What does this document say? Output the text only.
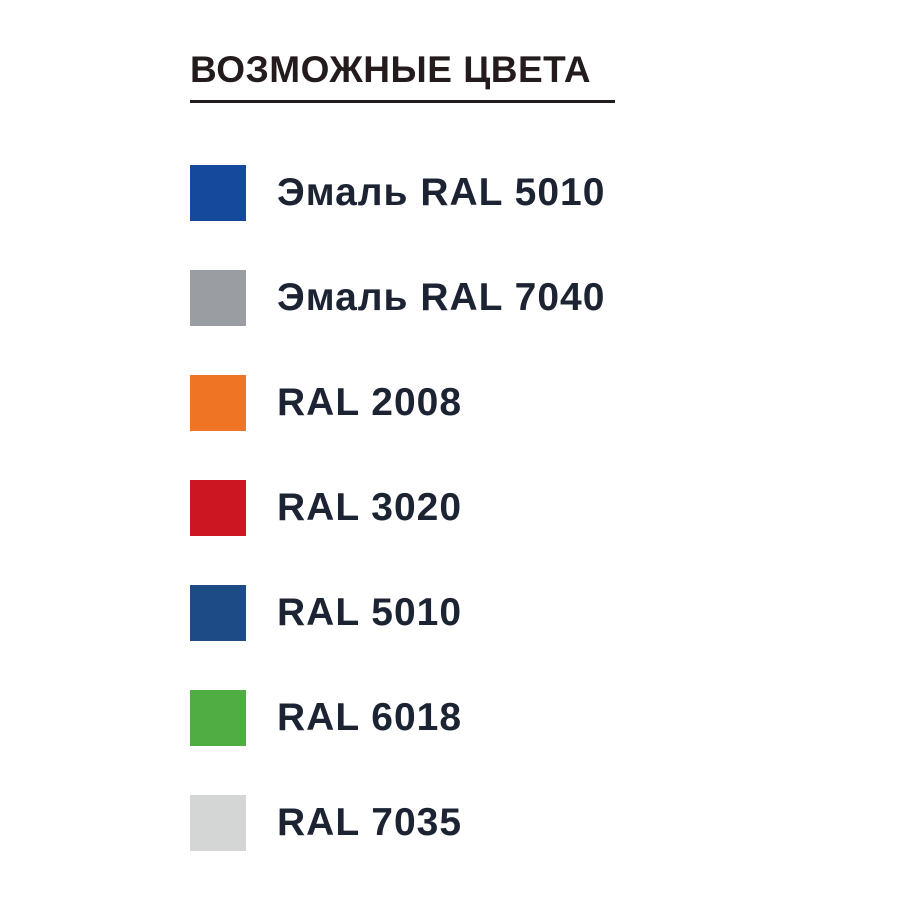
ВОЗМОЖНЫЕ ЦВЕТА
Эмаль RAL 5010
Эмаль RAL 7040
RAL 2008
RAL 3020
RAL 5010
RAL 6018
RAL 7035
